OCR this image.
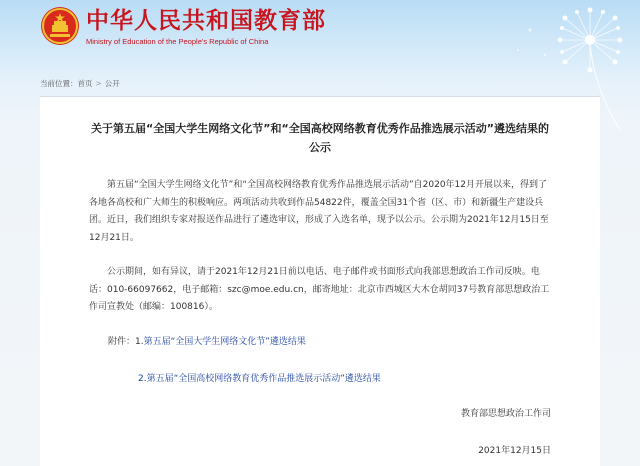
中华人民共和国教育部
Ministry of Education of the People's Republic of China
当前位置：首页 > 公开
关于第五届“全国大学生网络文化节”和“全国高校网络教育优秀作品推选展示活动”遴选结果的公示
第五届“全国大学生网络文化节”和“全国高校网络教育优秀作品推选展示活动”自2020年12月开展以来，得到了各地各高校和广大师生的积极响应。两项活动共收到作品54822件，覆盖全国31个省（区、市）和新疆生产建设兵团。近日，我们组织专家对报送作品进行了遴选审议，形成了入选名单，现予以公示。公示期为2021年12月15日至12月21日。
公示期间，如有异议，请于2021年12月21日前以电话、电子邮件或书面形式向我部思想政治工作司反映。电话：010-66097662，电子邮箱：szc@moe.edu.cn，邮寄地址：北京市西城区大木仓胡同37号教育部思想政治工作司宣教处（邮编：100816）。
附件：1.第五届“全国大学生网络文化节”遴选结果
2.第五届“全国高校网络教育优秀作品推选展示活动”遴选结果
教育部思想政治工作司
2021年12月15日
